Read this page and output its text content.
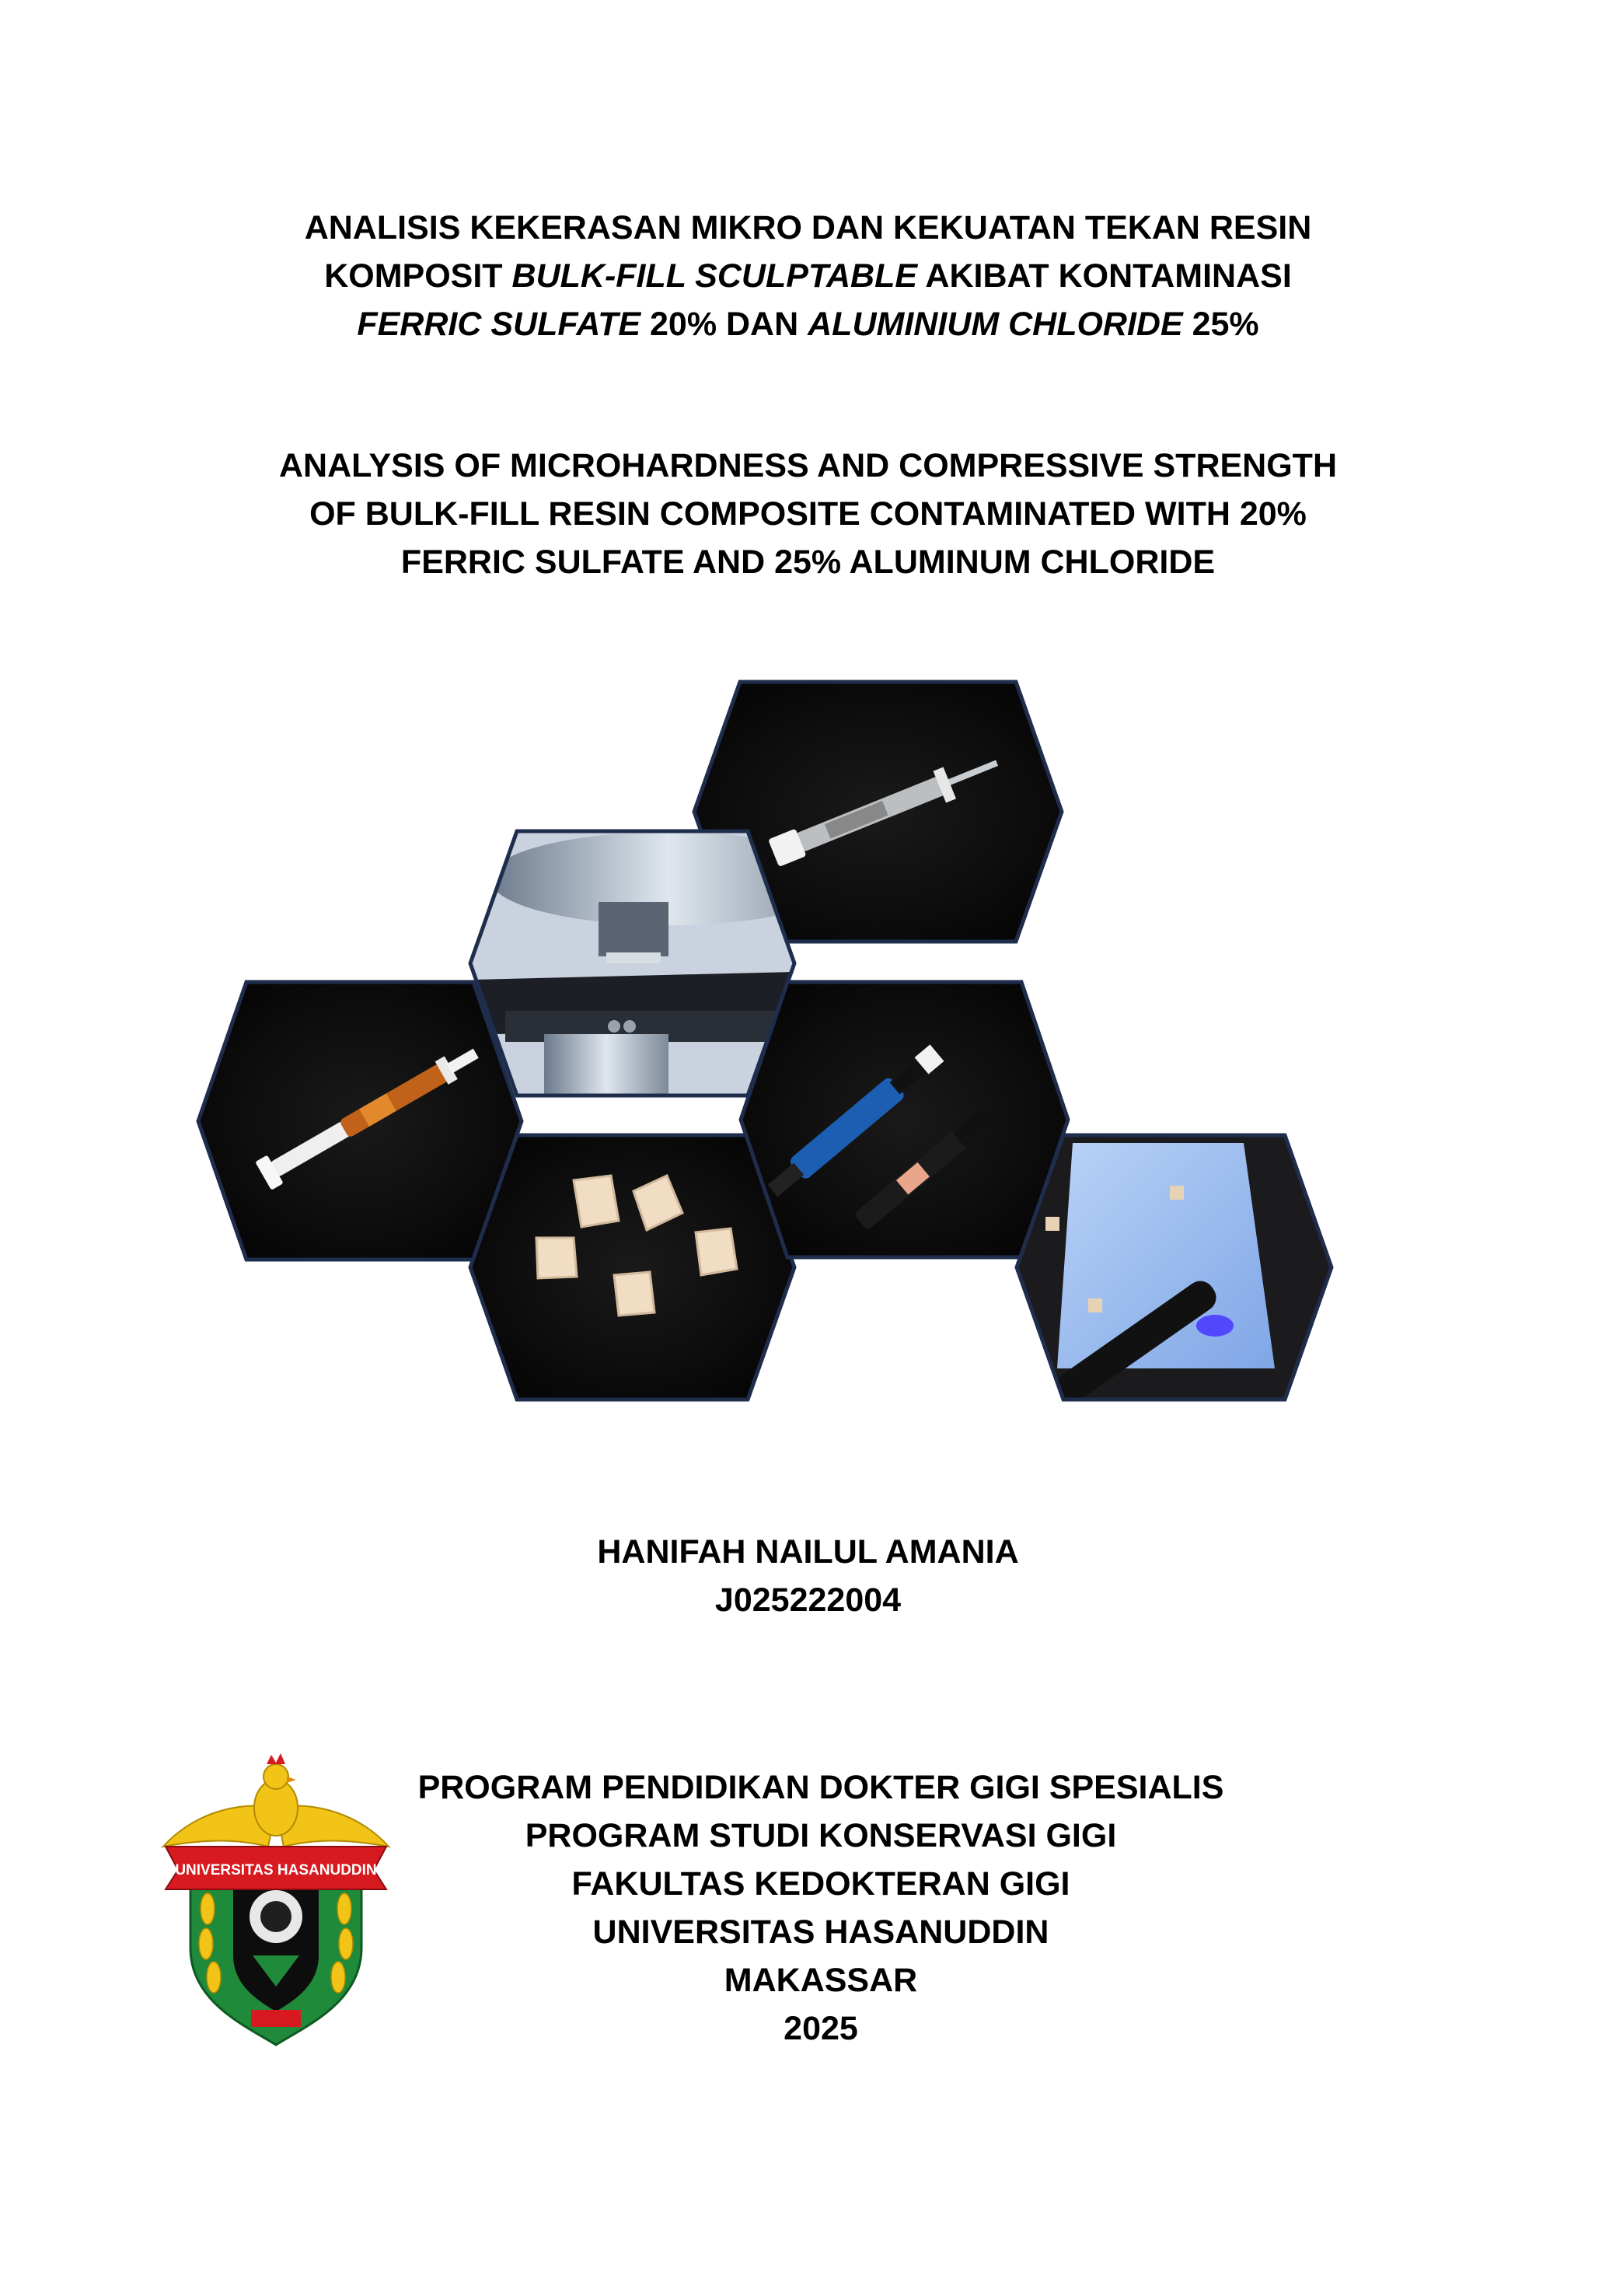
ANALISIS KEKERASAN MIKRO DAN KEKUATAN TEKAN RESIN
KOMPOSIT BULK-FILL SCULPTABLE AKIBAT KONTAMINASI
FERRIC SULFATE 20% DAN ALUMINIUM CHLORIDE 25%
ANALYSIS OF MICROHARDNESS AND COMPRESSIVE STRENGTH
OF BULK-FILL RESIN COMPOSITE CONTAMINATED WITH 20%
FERRIC SULFATE AND 25% ALUMINUM CHLORIDE
HANIFAH NAILUL AMANIA
J025222004
UNIVERSITAS HASANUDDIN
PROGRAM PENDIDIKAN DOKTER GIGI SPESIALIS
PROGRAM STUDI KONSERVASI GIGI
FAKULTAS KEDOKTERAN GIGI
UNIVERSITAS HASANUDDIN
MAKASSAR
2025
